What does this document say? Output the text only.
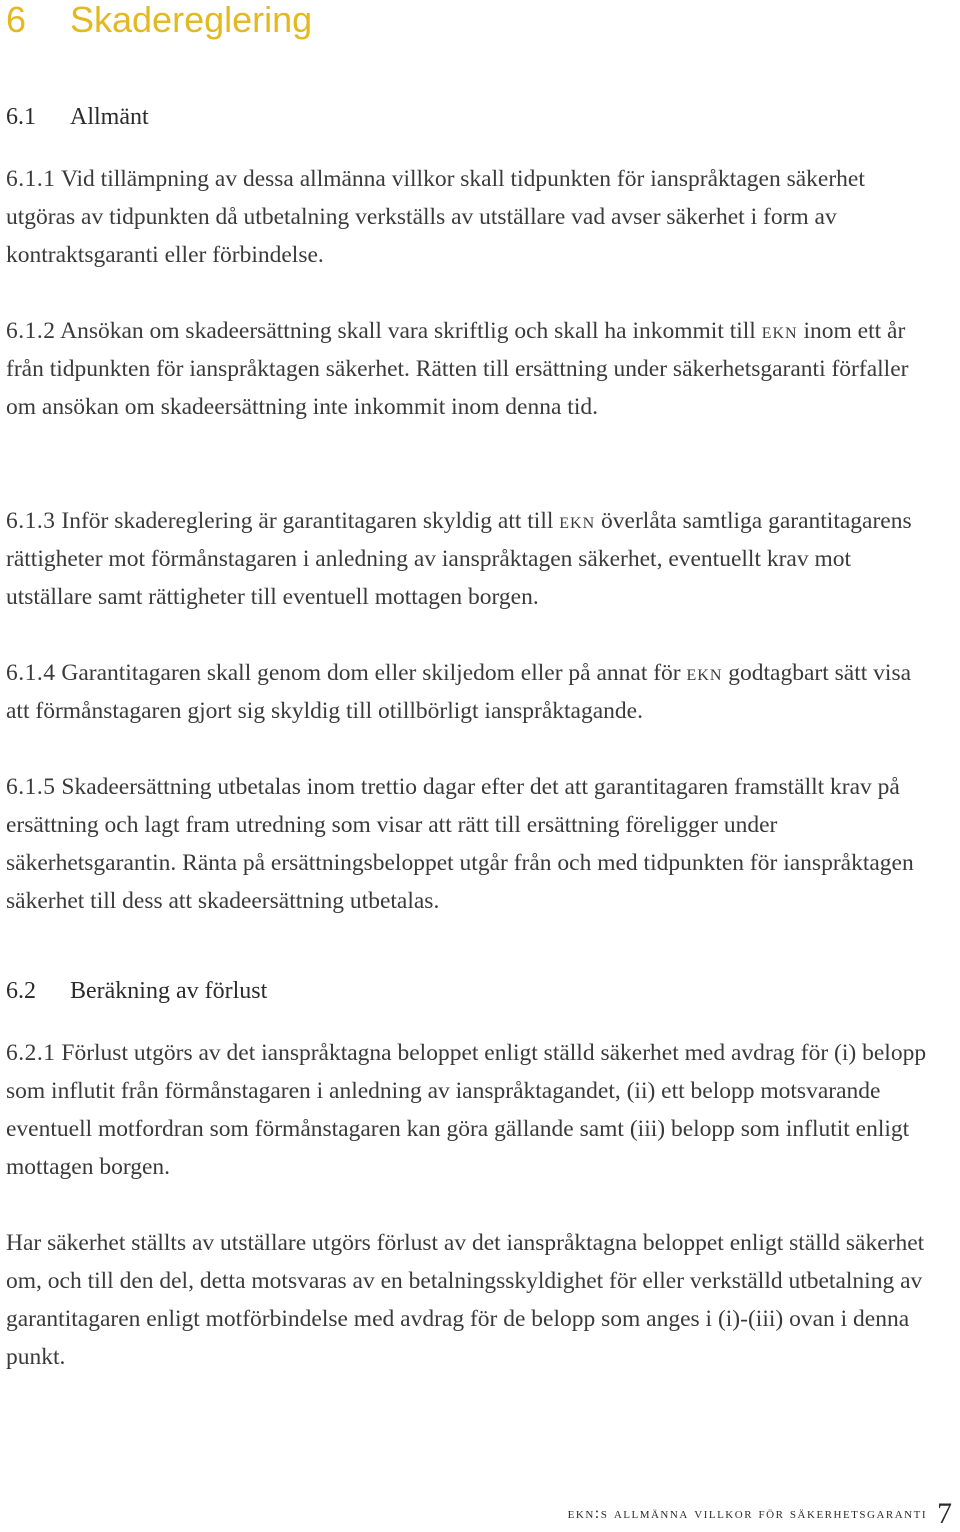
6 Skadereglering
6.1 Allmänt

6.1.1 Vid tillämpning av dessa allmänna villkor skall tidpunkten för ianspråktagen säkerhet utgöras av tidpunkten då utbetalning verkställs av utställare vad avser säkerhet i form av kontraktsgaranti eller förbindelse.

6.1.2 Ansökan om skadeersättning skall vara skriftlig och skall ha inkommit till ekn inom ett år från tidpunkten för ianspråktagen säkerhet. Rätten till ersättning under säkerhetsgaranti förfaller om ansökan om skadeersättning inte inkommit inom denna tid.

6.1.3 Inför skadereglering är garantitagaren skyldig att till ekn överlåta samtliga garantitagarens rättigheter mot förmånstagaren i anledning av ianspråktagen säkerhet, eventuellt krav mot utställare samt rättigheter till eventuell mottagen borgen.

6.1.4 Garantitagaren skall genom dom eller skiljedom eller på annat för ekn godtagbart sätt visa att förmånstagaren gjort sig skyldig till otillbörligt ianspråktagande.

6.1.5 Skadeersättning utbetalas inom trettio dagar efter det att garantitagaren framställt krav på ersättning och lagt fram utredning som visar att rätt till ersättning föreligger under säkerhetsgarantin. Ränta på ersättningsbeloppet utgår från och med tidpunkten för ianspråktagen säkerhet till dess att skadeersättning utbetalas.

6.2 Beräkning av förlust

6.2.1 Förlust utgörs av det ianspråktagna beloppet enligt ställd säkerhet med avdrag för (i) belopp som influtit från förmånstagaren i anledning av ianspråktagandet, (ii) ett belopp motsvarande eventuell motfordran som förmånstagaren kan göra gällande samt (iii) belopp som influtit enligt mottagen borgen.

Har säkerhet ställts av utställare utgörs förlust av det ianspråktagna beloppet enligt ställd säkerhet om, och till den del, detta motsvaras av en betalningsskyldighet för eller verkställd utbetalning av garantitagaren enligt motförbindelse med avdrag för de belopp som anges i (i)-(iii) ovan i denna punkt.

ekn:s allmänna villkor för säkerhetsgaranti 7
